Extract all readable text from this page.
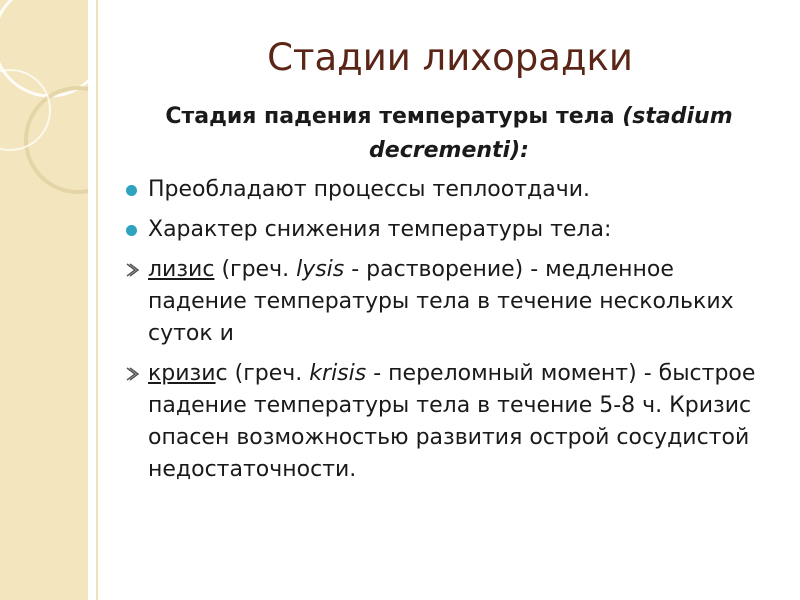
Стадии лихорадки

Стадия падения температуры тела (stadium decrementi):

Преобладают процессы теплоотдачи.
Характер снижения температуры тела:
лизис (греч. lysis - растворение) - медленное падение температуры тела в течение нескольких суток и
кризис (греч. krisis - переломный момент) - быстрое падение температуры тела в течение 5-8 ч. Кризис опасен возможностью развития острой сосудистой недостаточности.
